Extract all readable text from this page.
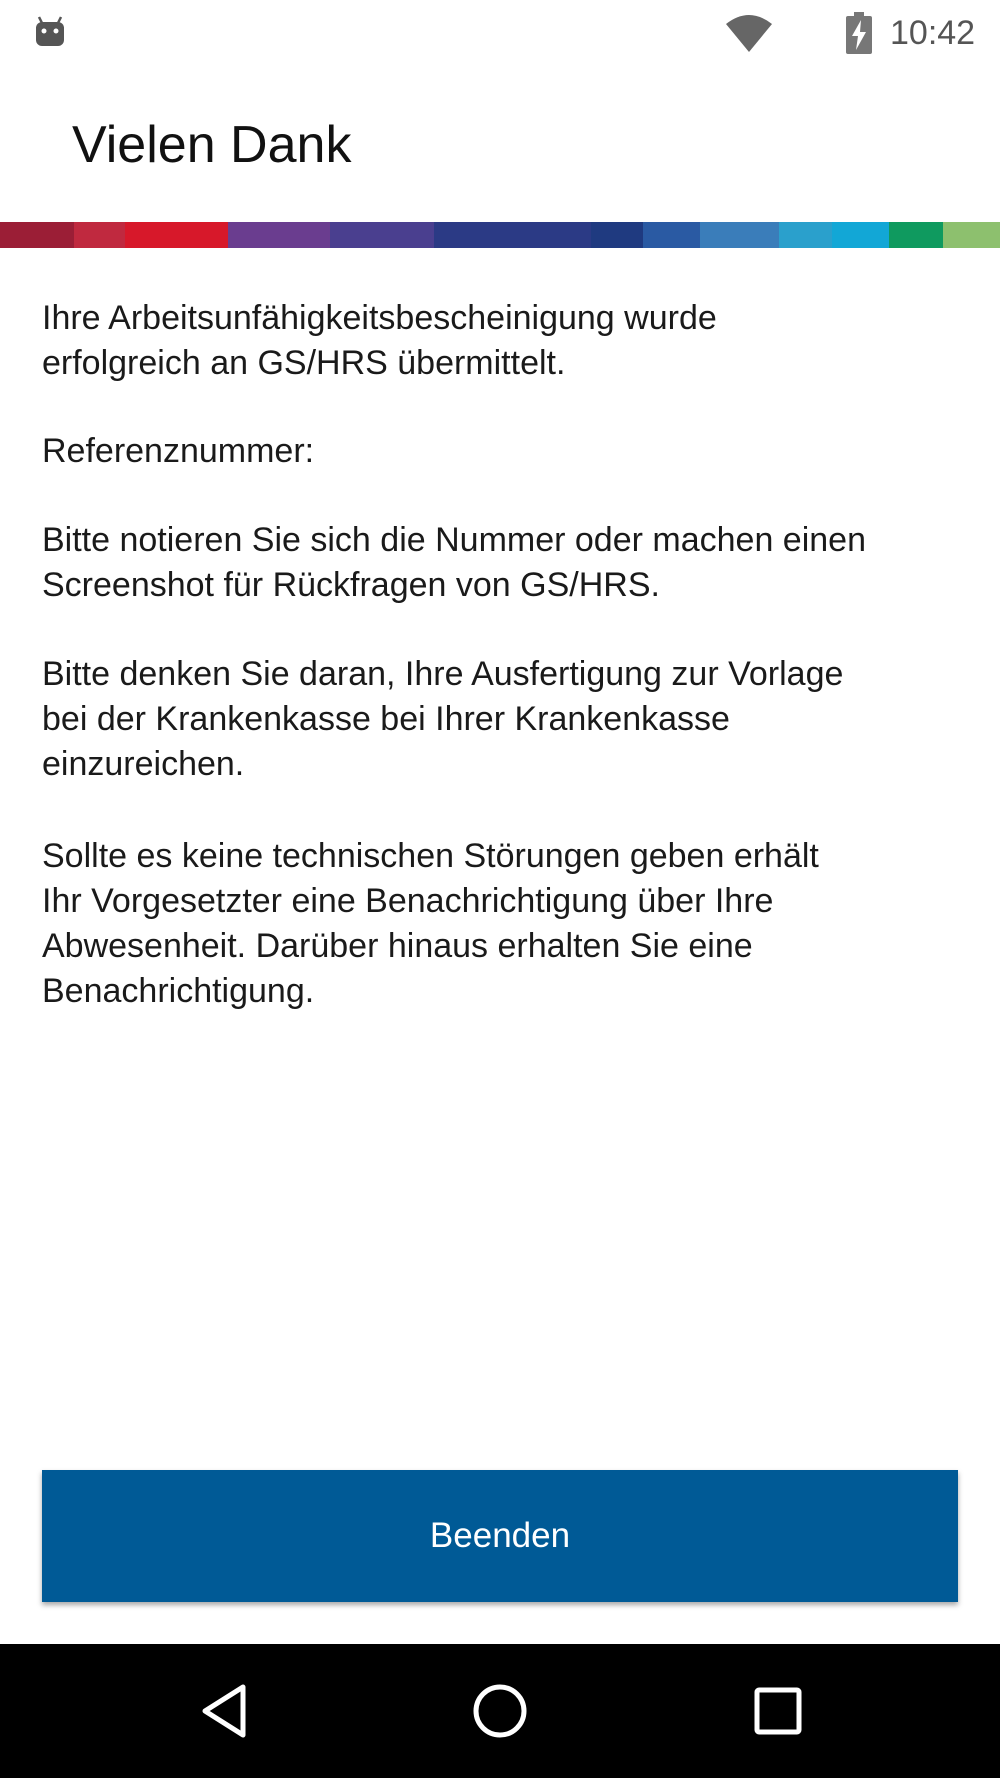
10:42
Vielen Dank

Ihre Arbeitsunfähigkeitsbescheinigung wurde
erfolgreich an GS/HRS übermittelt.

Referenznummer:

Bitte notieren Sie sich die Nummer oder machen einen
Screenshot für Rückfragen von GS/HRS.

Bitte denken Sie daran, Ihre Ausfertigung zur Vorlage
bei der Krankenkasse bei Ihrer Krankenkasse
einzureichen.

Sollte es keine technischen Störungen geben erhält
Ihr Vorgesetzter eine Benachrichtigung über Ihre
Abwesenheit. Darüber hinaus erhalten Sie eine
Benachrichtigung.

Beenden
